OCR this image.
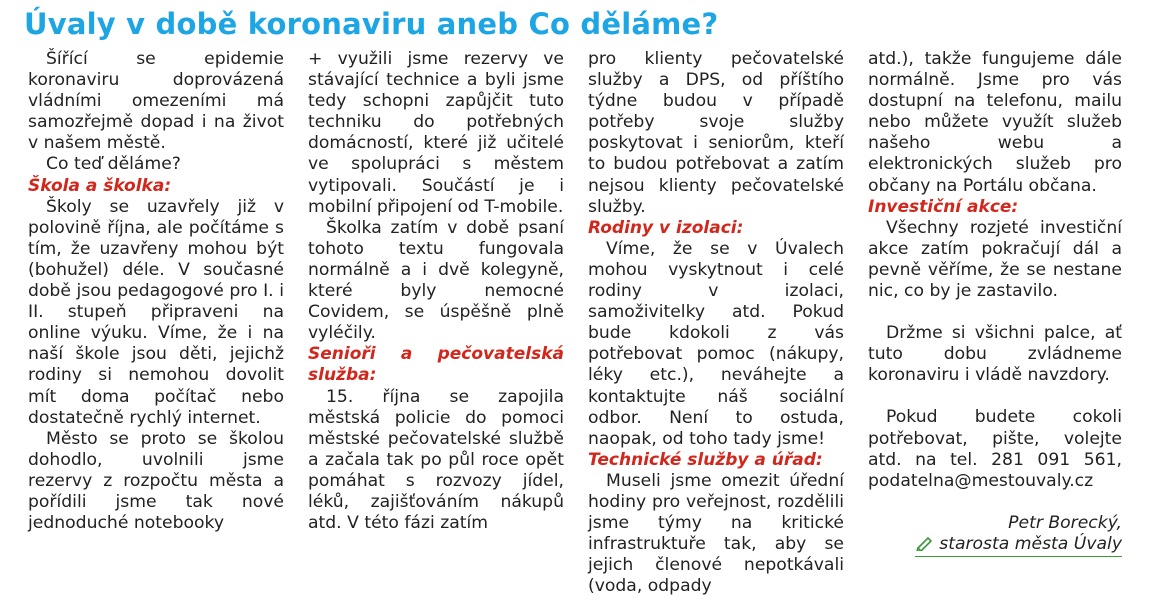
Úvaly v době koronaviru aneb Co děláme?

Šířící se epidemie koronaviru doprovázená vládními omezeními má samozřejmě dopad i na život v našem městě.

Co teď děláme?

Škola a školka:

Školy se uzavřely již v polovině října, ale počítáme s tím, že uzavřeny mohou být (bohužel) déle. V současné době jsou pedagogové pro I. i II. stupeň připraveni na online výuku. Víme, že i na naší škole jsou děti, jejichž rodiny si nemohou dovolit mít doma počítač nebo dostatečně rychlý internet.

Město se proto se školou dohodlo, uvolnili jsme rezervy z rozpočtu města a pořídili jsme tak nové jednoduché notebooky

+ využili jsme rezervy ve stávající technice a byli jsme tedy schopni zapůjčit tuto techniku do potřebných domácností, které již učitelé ve spolupráci s městem vytipovali. Součástí je i mobilní připojení od T-mobile.

Školka zatím v době psaní tohoto textu fungovala normálně a i dvě kolegyně, které byly nemocné Covidem, se úspěšně plně vyléčily.

Senioři a pečovatelská služba:

15. října se zapojila městská policie do pomoci městské pečovatelské službě a začala tak po půl roce opět pomáhat s rozvozy jídel, léků, zajišťováním nákupů atd. V této fázi zatím

pro klienty pečovatelské služby a DPS, od příštího týdne budou v případě potřeby svoje služby poskytovat i seniorům, kteří to budou potřebovat a zatím nejsou klienty pečovatelské služby.

Rodiny v izolaci:

Víme, že se v Úvalech mohou vyskytnout i celé rodiny v izolaci, samoživitelky atd. Pokud bude kdokoli z vás potřebovat pomoc (nákupy, léky etc.), neváhejte a kontaktujte náš sociální odbor. Není to ostuda, naopak, od toho tady jsme!

Technické služby a úřad:

Museli jsme omezit úřední hodiny pro veřejnost, rozdělili jsme týmy na kritické infrastruktuře tak, aby se jejich členové nepotkávali (voda, odpady

atd.), takže fungujeme dále normálně. Jsme pro vás dostupní na telefonu, mailu nebo můžete využít služeb našeho webu a elektronických služeb pro občany na Portálu občana.

Investiční akce:

Všechny rozjeté investiční akce zatím pokračují dál a pevně věříme, že se nestane nic, co by je zastavilo.

Držme si všichni palce, ať tuto dobu zvládneme koronaviru i vládě navzdory.

Pokud budete cokoli potřebovat, pište, volejte atd. na tel. 281 091 561, podatelna@mestouvaly.cz

Petr Borecký,
starosta města Úvaly
